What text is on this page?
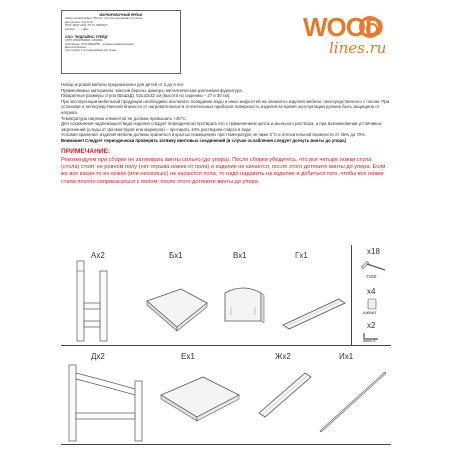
МАРКИРОВОЧНЫЙ ЯРЛЫК
Набор игровой мебели "Бэлла": стол (регулируемый) и стульчик
Для детей от 3 до 6 лет
ГОСТ 19917-2014 "ТР ТС 025/2012"
Артикул: ........ Цвет: ........
ООО "ВУДЛАЙНС-ТРЕЙД"
ОГРН: 1155007006694 г. МОСКВА
Изготовитель: ООО ВУДЛАЙНС - трудовые взаимоотношения
Дата изготовления: ........
Срок службы: 5 лет Гарантийный срок: 12 мес.
WOOD
lines.ru

Набор игровой мебели предназначен для детей от 3 до 6 лет.

Применяемые материалы: массив березы, фанера, металлическая крепежная фурнитура.

Габаритные размеры стула (ВхШхД): 52х32х32 см (высота по сидению – 27 и 30 см).

При эксплуатации мебельной продукции необходимо исключать попадание воды и иных жидкостей на элементы изделия мебели, непосредственного с полом. При установке в непосредственной близости от нагревательных и отопительных приборов поверхность изделия во время эксплуатации должна быть защищена от нагрева.

Температура нагрева элементов не должна превышать +45°С.

Для сохранения надлежащего вида изделия следует периодически протирать его с применением щеток и мыльного раствора, а при возникновении устойчивых загрязнений (следы от фломастеров или маркеров) – протирать 10% раствором спирта в воде.

Условия хранения: изделия мебели должны храниться в крытых помещениях при температуре не ниже 2°С и относительной влажности от 45% до 70%.

Внимание! Следует периодически проверять затяжку винтовых соединений (в случае ослабления следует догнуть винты до упора)

ПРИМЕЧАНИЕ:
Рекомендуем при сборке не затягивать винты сильно (до упора). После сборки убедитесь, что все четыре ножки стула (стола) стоят не ровном полу (нет отрыва ножек от пола) и изделие не качается, после этого дотяните винты до упора. Если же все какая-то из ножек (или несколько) не касаются пола, то надо надавить на изделие и добиться того, чтобы все ножки стали плотно соприкасаться с полом, после этого дотяните винты до упора.
Ах2	Бх1	Вх1	Гх1	x18
7х50
x4
шкант
x2
ключ 5
Дх2	Ех1	Жх2	Их1
